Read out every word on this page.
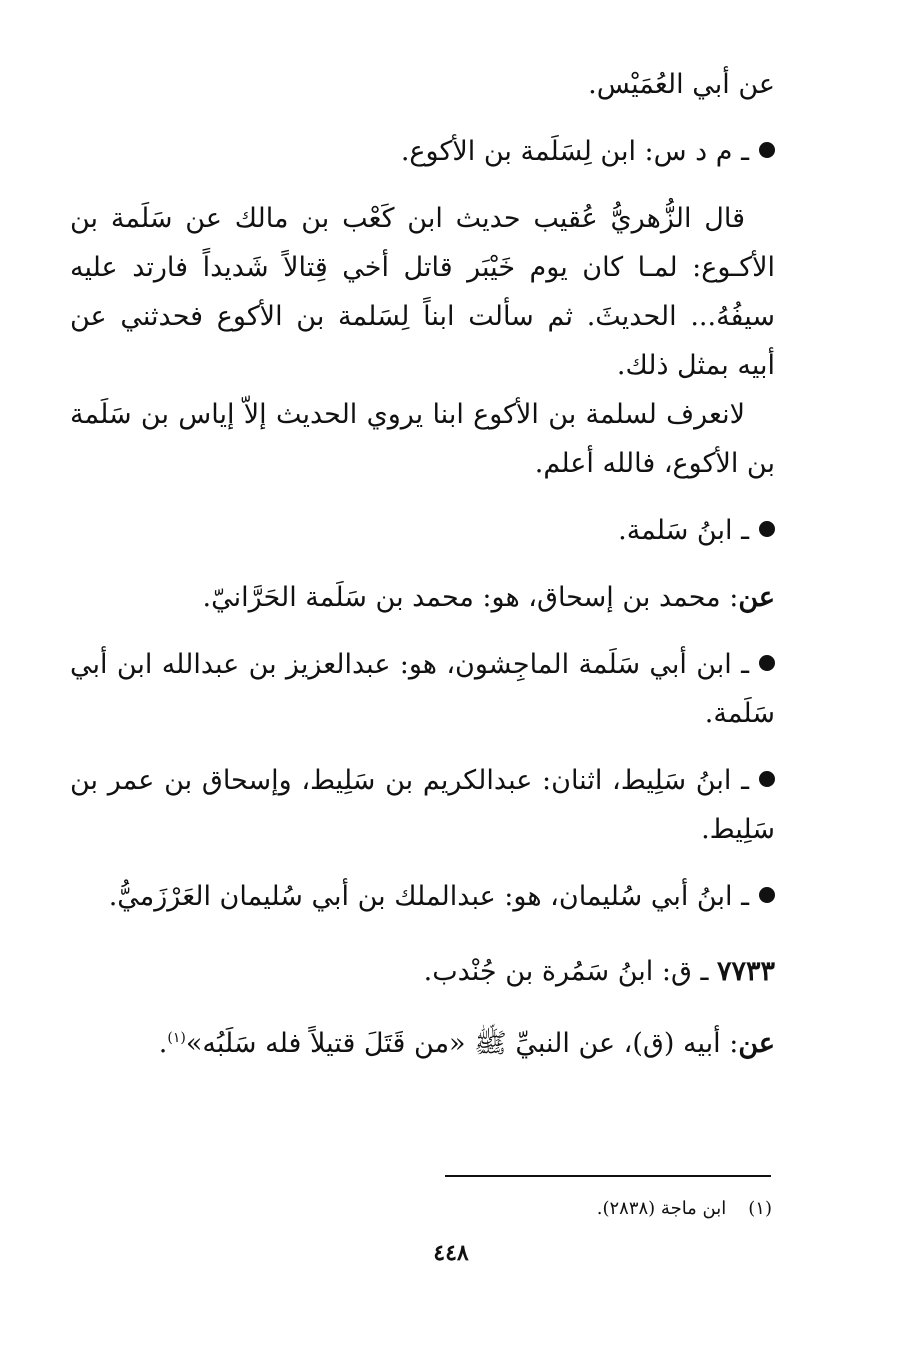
عن أبي العُمَيْس.

ـ م د س: ابن لِسَلَمة بن الأكوع.

قال الزُّهريُّ عُقيب حديث ابن كَعْب بن مالك عن سَلَمة بن الأكـوع: لمـا كان يوم خَيْبَر قاتل أخي قِتالاً شَديداً فارتد عليه سيفُهُ... الحديثَ. ثم سألت ابناً لِسَلمة بن الأكوع فحدثني عن أبيه بمثل ذلك.

لانعرف لسلمة بن الأكوع ابنا يروي الحديث إلاّ إياس بن سَلَمة بن الأكوع، فالله أعلم.

ـ ابنُ سَلمة.

عن: محمد بن إسحاق، هو: محمد بن سَلَمة الحَرَّانيّ.

ـ ابن أبي سَلَمة الماجِشون، هو: عبدالعزيز بن عبدالله ابن أبي سَلَمة.

ـ ابنُ سَلِيط، اثنان: عبدالكريم بن سَلِيط، وإسحاق بن عمر بن سَلِيط.

ـ ابنُ أبي سُليمان، هو: عبدالملك بن أبي سُليمان العَرْزَميُّ.

٧٧٣٣ ـ ق: ابنُ سَمُرة بن جُنْدب.

عن: أبيه (ق)، عن النبيِّ ﷺ «من قَتَلَ قتيلاً فله سَلَبُه»$^{(١)}$.

(١)ابن ماجة (٢٨٣٨).
٤٤٨
